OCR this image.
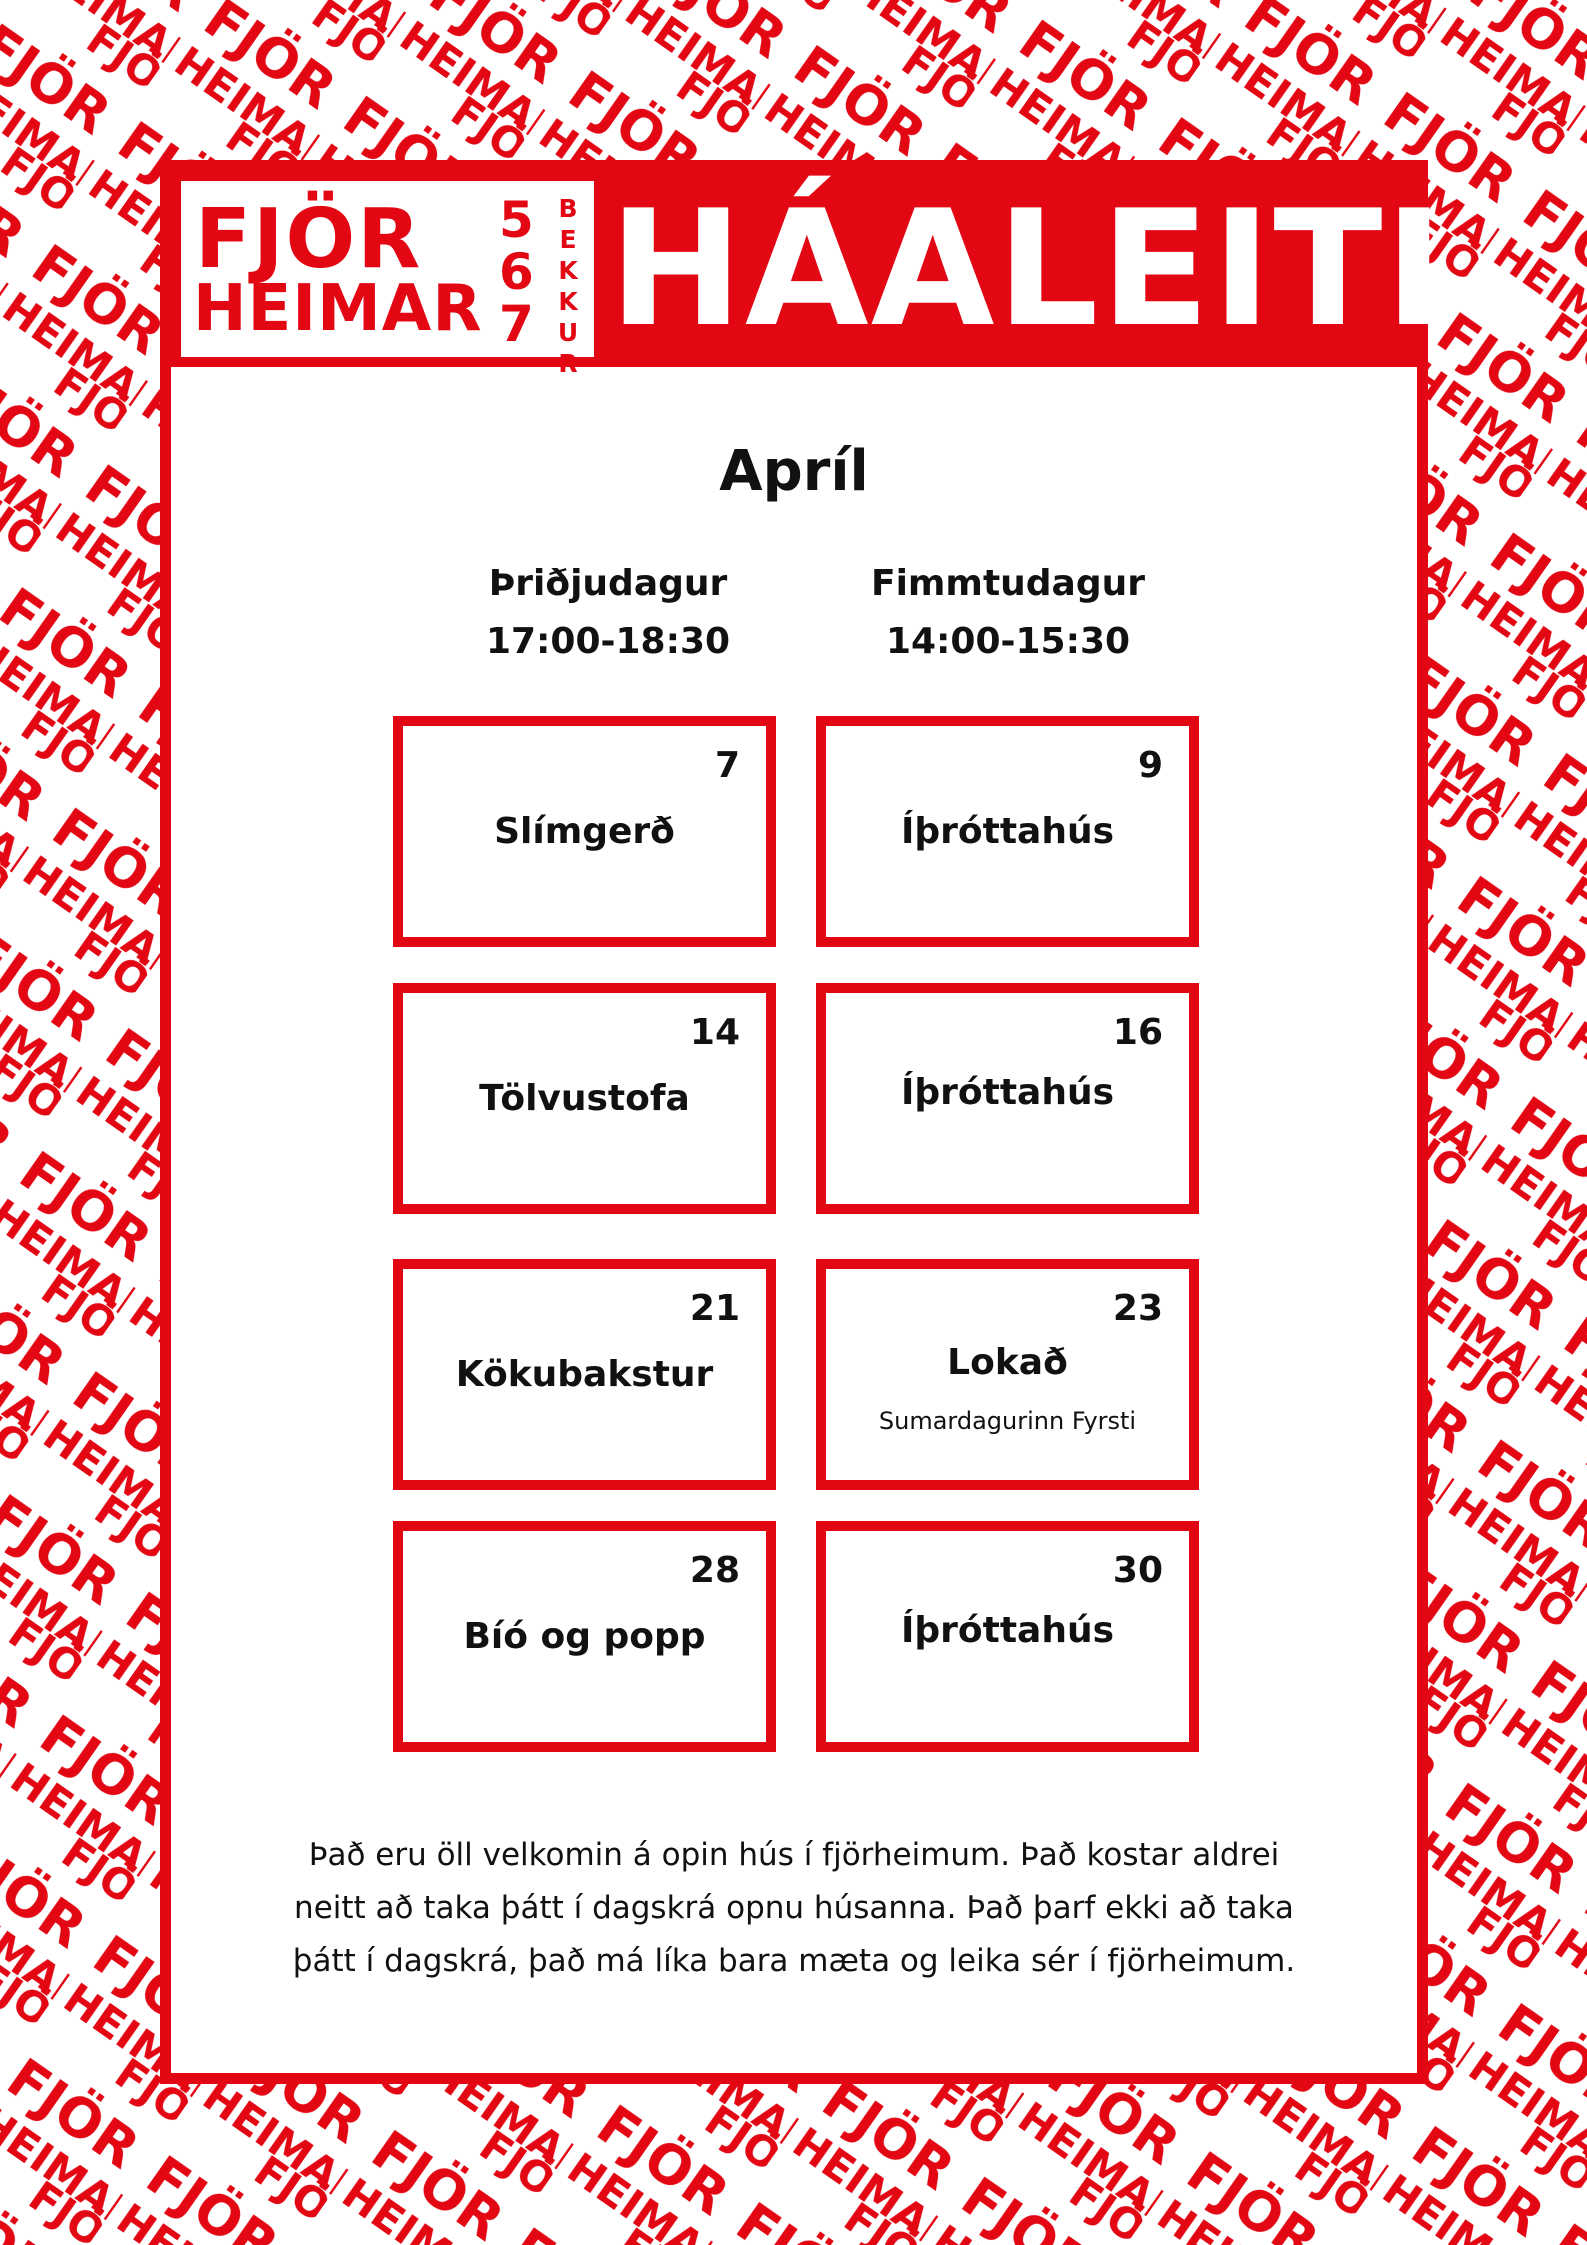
FJÖR
HEIMAR
5
6
7
B
E
K
K
U
R
HÁALEITI
Apríl
Þriðjudagur
17:00-18:30
Fimmtudagur
14:00-15:30
7
Slímgerð
9
Íþróttahús
14
Tölvustofa
16
Íþróttahús
21
Kökubakstur
23
Lokað
Sumardagurinn Fyrsti
28
Bíó og popp
30
Íþróttahús
Það eru öll velkomin á opin hús í fjörheimum. Það kostar aldrei
neitt að taka þátt í dagskrá opnu húsanna. Það þarf ekki að taka
þátt í dagskrá, það má líka bara mæta og leika sér í fjörheimum.
